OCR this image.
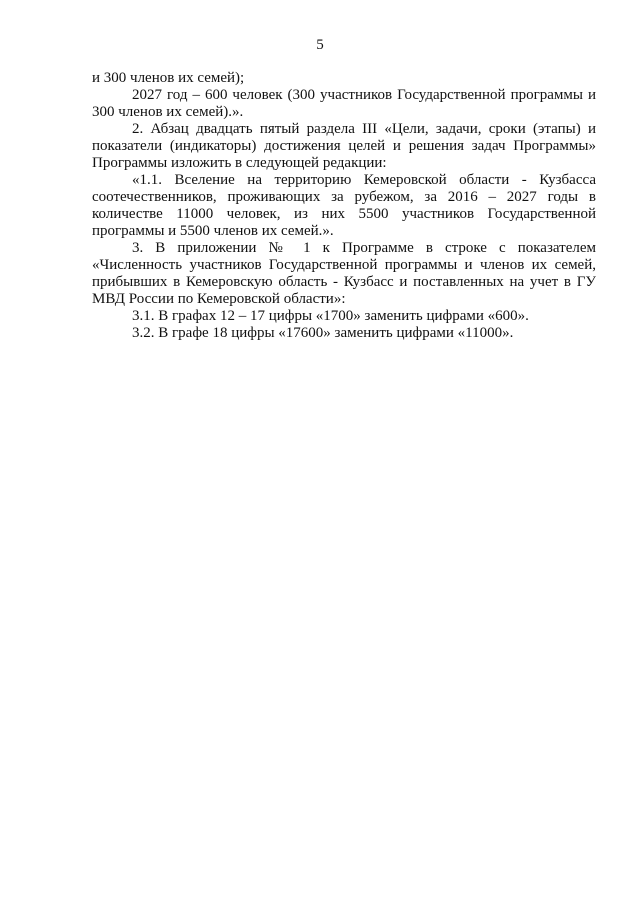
5

и 300 членов их семей);

2027 год – 600 человек (300 участников Государственной программы и 300 членов их семей).».

2. Абзац двадцать пятый раздела III «Цели, задачи, сроки (этапы) и показатели (индикаторы) достижения целей и решения задач Программы» Программы изложить в следующей редакции:

«1.1. Вселение на территорию Кемеровской области - Кузбасса соотечественников, проживающих за рубежом, за 2016 – 2027 годы в количестве 11000 человек, из них 5500 участников Государственной программы и 5500 членов их семей.».

3. В приложении № 1 к Программе в строке с показателем «Численность участников Государственной программы и членов их семей, прибывших в Кемеровскую область - Кузбасс и поставленных на учет в ГУ МВД России по Кемеровской области»:

3.1. В графах 12 – 17 цифры «1700» заменить цифрами «600».

3.2. В графе 18 цифры «17600» заменить цифрами «11000».
